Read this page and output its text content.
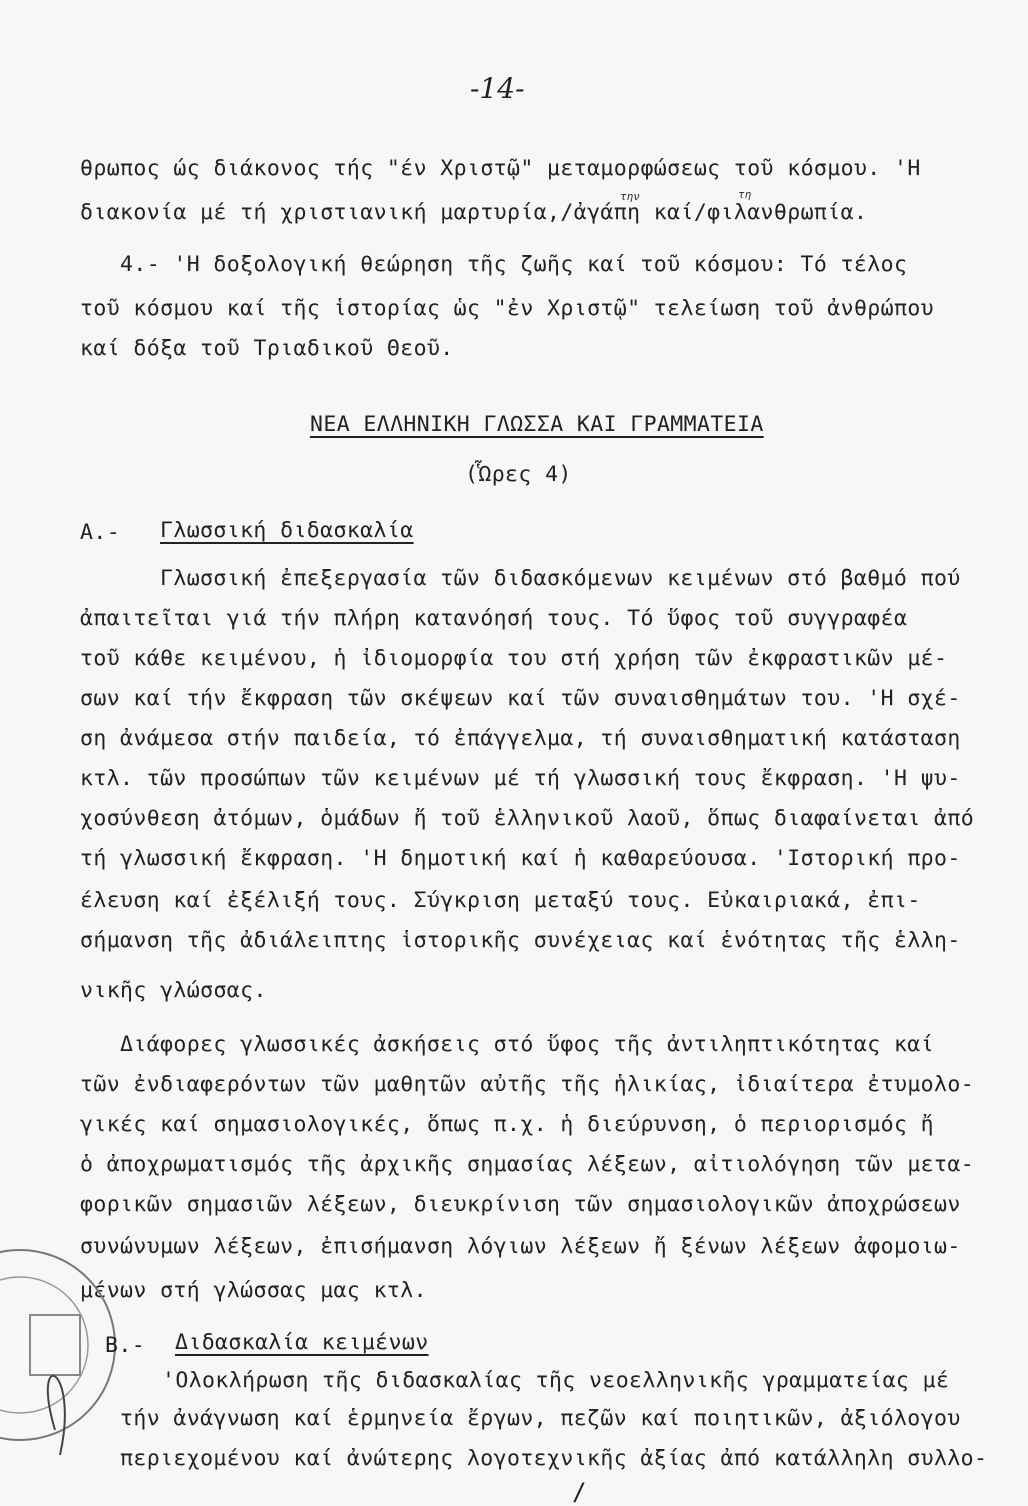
-14-
θρωπος ώς διάκονος τής "έν Χριστῷ" μεταμορφώσεως τοῦ κόσμου. 'Η
διακονία μέ τή χριστιανική μαρτυρία,/ἀγάπη καί/φιλανθρωπία.
την	τη
4.- 'Η δοξολογική θεώρηση τῆς ζωῆς καί τοῦ κόσμου: Τό τέλος
τοῦ κόσμου καί τῆς ἱστορίας ὡς "ἐν Χριστῷ" τελείωση τοῦ ἀνθρώπου
καί δόξα τοῦ Τριαδικοῦ Θεοῦ.
ΝΕΑ ΕΛΛΗΝΙΚΗ ΓΛΩΣΣΑ ΚΑΙ ΓΡΑΜΜΑΤΕΙΑ
(Ὧρες 4)
Α.- Γλωσσική διδασκαλία
Γλωσσική ἐπεξεργασία τῶν διδασκόμενων κειμένων στό βαθμό πού
ἀπαιτεῖται γιά τήν πλήρη κατανόησή τους. Τό ὕφος τοῦ συγγραφέα
τοῦ κάθε κειμένου, ἡ ἰδιομορφία του στή χρήση τῶν ἐκφραστικῶν μέ-
σων καί τήν ἔκφραση τῶν σκέψεων καί τῶν συναισθημάτων του. 'Η σχέ-
ση ἀνάμεσα στήν παιδεία, τό ἐπάγγελμα, τή συναισθηματική κατάσταση
κτλ. τῶν προσώπων τῶν κειμένων μέ τή γλωσσική τους ἔκφραση. 'Η ψυ-
χοσύνθεση ἀτόμων, ὁμάδων ἤ τοῦ ἑλληνικοῦ λαοῦ, ὅπως διαφαίνεται ἀπό
τή γλωσσική ἔκφραση. 'Η δημοτική καί ἡ καθαρεύουσα. 'Ιστορική προ-
έλευση καί ἐξέλιξή τους. Σύγκριση μεταξύ τους. Εὐκαιριακά, ἐπι-
σήμανση τῆς ἀδιάλειπτης ἱστορικῆς συνέχειας καί ἑνότητας τῆς ἑλλη-
νικῆς γλώσσας.
Διάφορες γλωσσικές ἀσκήσεις στό ὕφος τῆς ἀντιληπτικότητας καί
τῶν ἐνδιαφερόντων τῶν μαθητῶν αὐτῆς τῆς ἡλικίας, ἰδιαίτερα ἐτυμολο-
γικές καί σημασιολογικές, ὅπως π.χ. ἡ διεύρυνση, ὁ περιορισμός ἤ
ὁ ἀποχρωματισμός τῆς ἀρχικῆς σημασίας λέξεων, αἰτιολόγηση τῶν μετα-
φορικῶν σημασιῶν λέξεων, διευκρίνιση τῶν σημασιολογικῶν ἀποχρώσεων
συνώνυμων λέξεων, ἐπισήμανση λόγιων λέξεων ἤ ξένων λέξεων ἀφομοιω-
μένων στή γλώσσας μας κτλ.
Β.- Διδασκαλία κειμένων
'Ολοκλήρωση τῆς διδασκαλίας τῆς νεοελληνικῆς γραμματείας μέ
τήν ἀνάγνωση καί ἑρμηνεία ἔργων, πεζῶν καί ποιητικῶν, ἀξιόλογου
περιεχομένου καί ἀνώτερης λογοτεχνικῆς ἀξίας ἀπό κατάλληλη συλλο-
/
